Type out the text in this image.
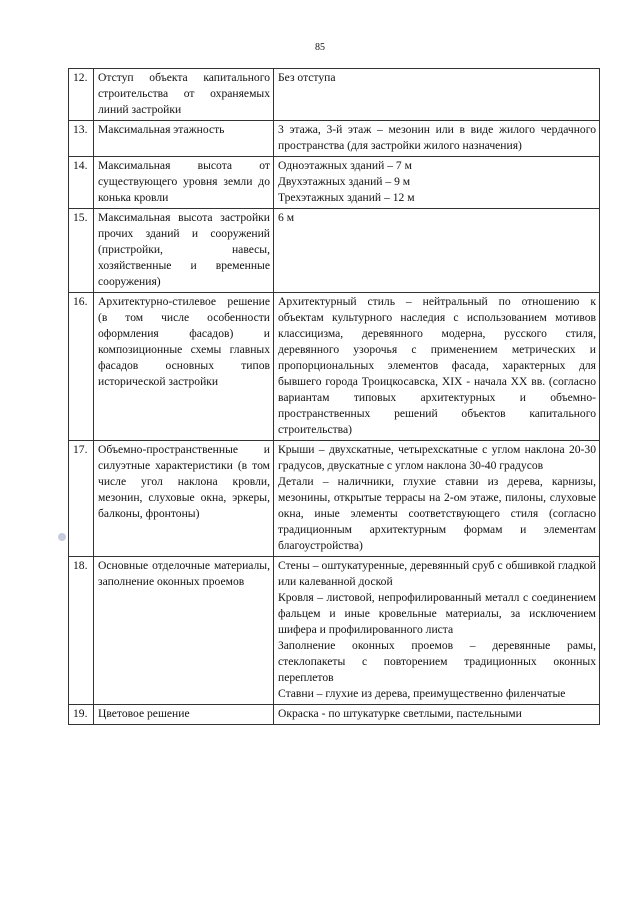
85
12.	Отступ объекта капитального строительства от охраняемых линий застройки	Без отступа

13.	Максимальная этажность	3 этажа, 3-й этаж – мезонин или в виде жилого чердачного пространства (для застройки жилого назначения)

14.	Максимальная высота от существующего уровня земли до конька кровли	Одноэтажных зданий – 7 м
Двухэтажных зданий – 9 м
Трехэтажных зданий – 12 м

15.	Максимальная высота застройки прочих зданий и сооружений (пристройки, навесы, хозяйственные и временные сооружения)	6 м

16.	Архитектурно-стилевое решение (в том числе особенности оформления фасадов) и композиционные схемы главных фасадов основных типов исторической застройки	Архитектурный стиль – нейтральный по отношению к объектам культурного наследия с использованием мотивов классицизма, деревянного модерна, русского стиля, деревянного узорочья с применением метрических и пропорциональных элементов фасада, характерных для бывшего города Троицкосавска, XIX - начала XX вв. (согласно вариантам типовых архитектурных и объемно-пространственных решений объектов капитального строительства)

17.	Объемно-пространственные и силуэтные характеристики (в том числе угол наклона кровли, мезонин, слуховые окна, эркеры, балконы, фронтоны)	Крыши – двухскатные, четырехскатные с углом наклона 20-30 градусов, двускатные с углом наклона 30-40 градусов
Детали – наличники, глухие ставни из дерева, карнизы, мезонины, открытые террасы на 2-ом этаже, пилоны, слуховые окна, иные элементы соответствующего стиля (согласно традиционным архитектурным формам и элементам благоустройства)

18.	Основные отделочные материалы, заполнение оконных проемов	Стены – оштукатуренные, деревянный сруб с обшивкой гладкой или калеванной доской
Кровля – листовой, непрофилированный металл с соединением фальцем и иные кровельные материалы, за исключением шифера и профилированного листа
Заполнение оконных проемов – деревянные рамы, стеклопакеты с повторением традиционных оконных переплетов
Ставни – глухие из дерева, преимущественно филенчатые

19.	Цветовое решение	Окраска - по штукатурке светлыми, пастельными
